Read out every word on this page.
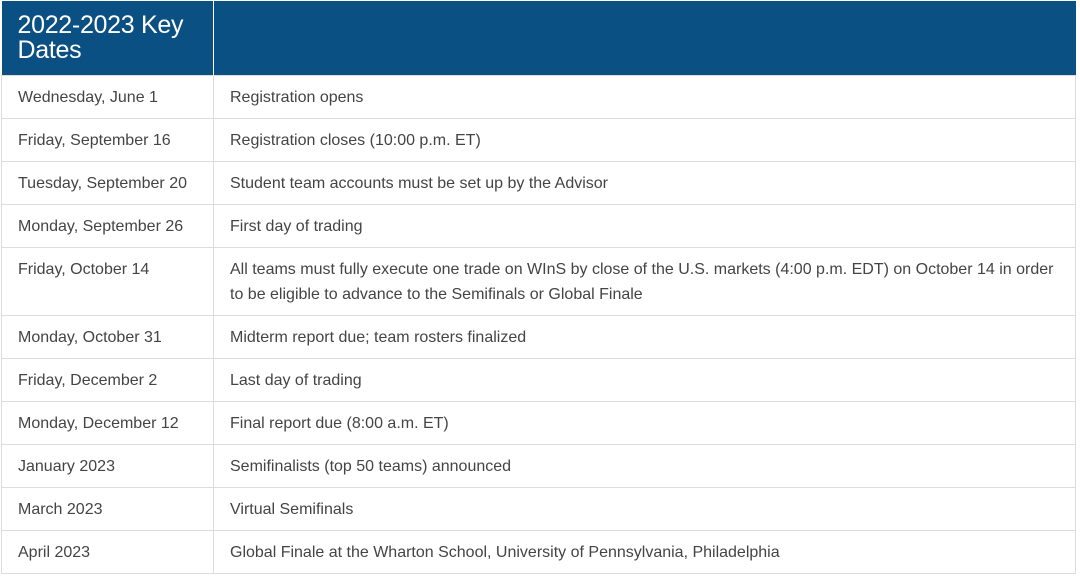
2022-2023 Key Dates	
Wednesday, June 1	Registration opens
Friday, September 16	Registration closes (10:00 p.m. ET)
Tuesday, September 20	Student team accounts must be set up by the Advisor
Monday, September 26	First day of trading
Friday, October 14	All teams must fully execute one trade on WInS by close of the U.S. markets (4:00 p.m. EDT) on October 14 in order to be eligible to advance to the Semifinals or Global Finale
Monday, October 31	Midterm report due; team rosters finalized
Friday, December 2	Last day of trading
Monday, December 12	Final report due (8:00 a.m. ET)
January 2023	Semifinalists (top 50 teams) announced
March 2023	Virtual Semifinals
April 2023	Global Finale at the Wharton School, University of Pennsylvania, Philadelphia
